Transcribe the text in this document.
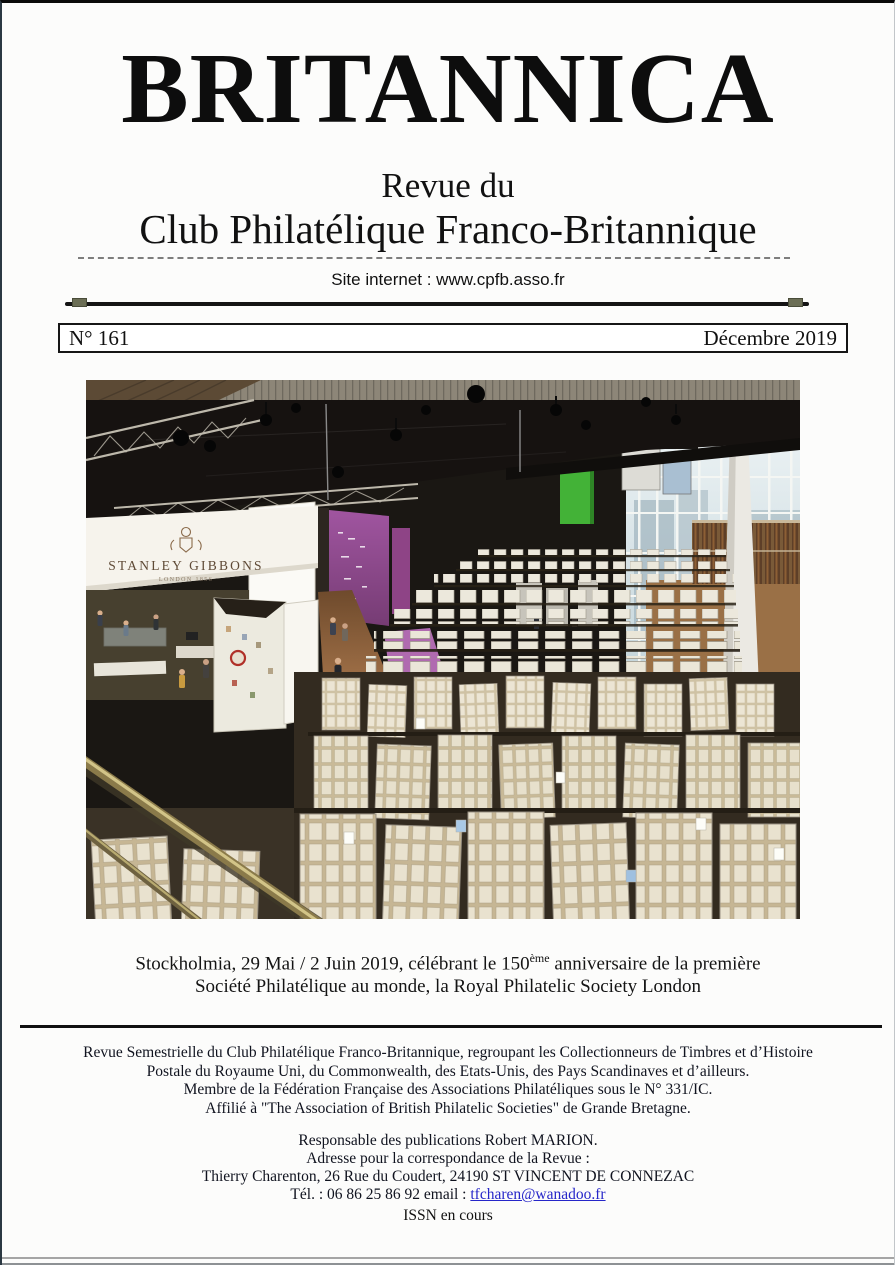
BRITANNICA
Revue du
Club Philatélique Franco-Britannique
Site internet : www.cpfb.asso.fr
N° 161	Décembre 2019
STANLEY GIBBONS
LONDON 1856
Stockholmia, 29 Mai / 2 Juin 2019, célébrant le 150ème anniversaire de la première
Société Philatélique au monde, la Royal Philatelic Society London
Revue Semestrielle du Club Philatélique Franco-Britannique, regroupant les Collectionneurs de Timbres et d’Histoire
Postale du Royaume Uni, du Commonwealth, des Etats-Unis, des Pays Scandinaves et d’ailleurs.
Membre de la Fédération Française des Associations Philatéliques sous le N° 331/IC.
Affilié à "The Association of British Philatelic Societies" de Grande Bretagne.
Responsable des publications Robert MARION.
Adresse pour la correspondance de la Revue :
Thierry Charenton, 26 Rue du Coudert, 24190 ST VINCENT DE CONNEZAC
Tél. : 06 86 25 86 92 email : tfcharen@wanadoo.fr
ISSN en cours
